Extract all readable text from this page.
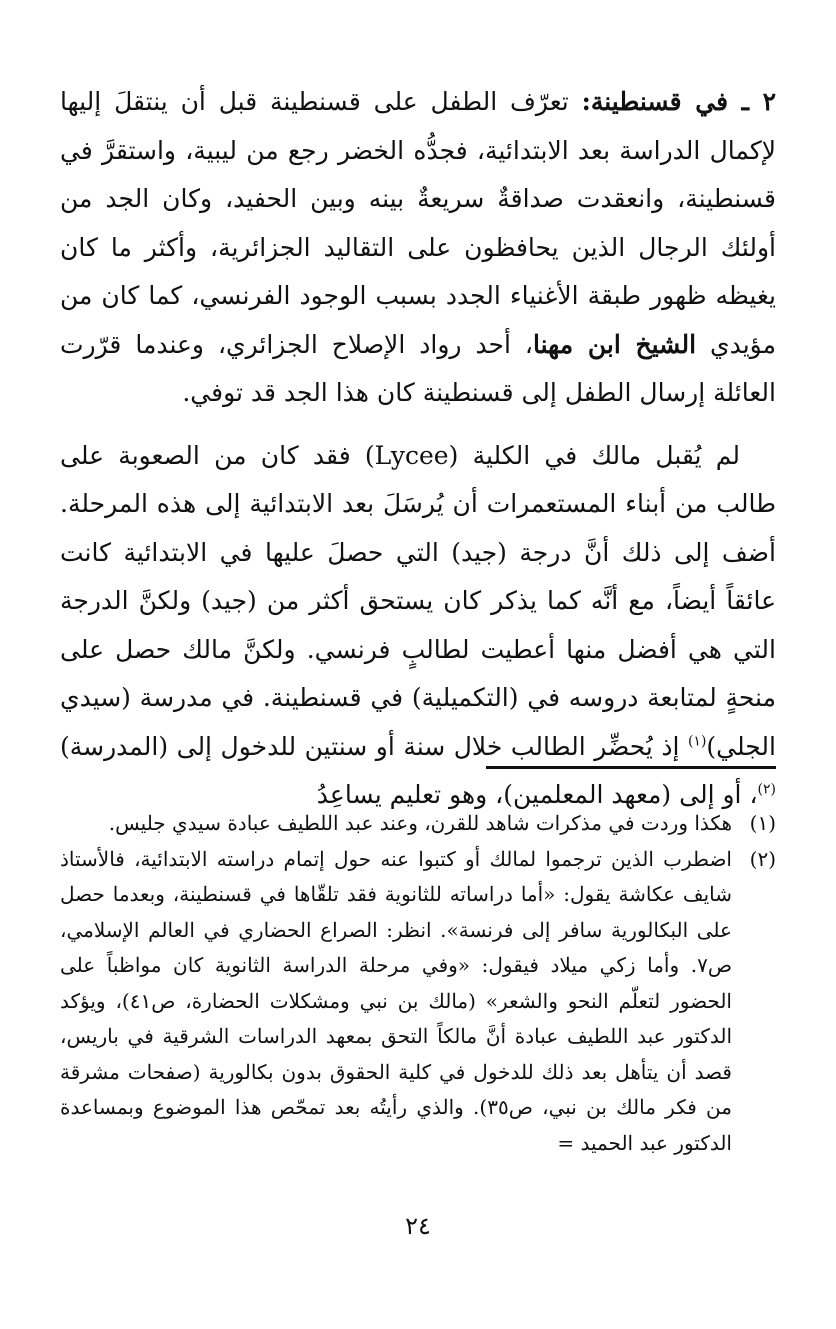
٢ ـ في قسنطينة: تعرّف الطفل على قسنطينة قبل أن ينتقلَ إليها لإكمال الدراسة بعد الابتدائية، فجدُّه الخضر رجع من ليبية، واستقرَّ في قسنطينة، وانعقدت صداقةٌ سريعةٌ بينه وبين الحفيد، وكان الجد من أولئك الرجال الذين يحافظون على التقاليد الجزائرية، وأكثر ما كان يغيظه ظهور طبقة الأغنياء الجدد بسبب الوجود الفرنسي، كما كان من مؤيدي الشيخ ابن مهنا، أحد رواد الإصلاح الجزائري، وعندما قرّرت العائلة إرسال الطفل إلى قسنطينة كان هذا الجد قد توفي.

لم يُقبل مالك في الكلية (Lycee) فقد كان من الصعوبة على طالب من أبناء المستعمرات أن يُرسَلَ بعد الابتدائية إلى هذه المرحلة. أضف إلى ذلك أنَّ درجة (جيد) التي حصلَ عليها في الابتدائية كانت عائقاً أيضاً، مع أنَّه كما يذكر كان يستحق أكثر من (جيد) ولكنَّ الدرجة التي هي أفضل منها أعطيت لطالبٍ فرنسي. ولكنَّ مالك حصل على منحةٍ لمتابعة دروسه في (التكميلية) في قسنطينة. في مدرسة (سيدي الجلي)$^{(١)}$ إذ يُحضِّر الطالب خلال سنة أو سنتين للدخول إلى (المدرسة)$^{(٢)}$، أو إلى (معهد المعلمين)، وهو تعليم يساعِدُ

(١)
هكذا وردت في مذكرات شاهد للقرن، وعند عبد اللطيف عبادة سيدي جليس.
(٢)
اضطرب الذين ترجموا لمالك أو كتبوا عنه حول إتمام دراسته الابتدائية، فالأستاذ شايف عكاشة يقول: «أما دراساته للثانوية فقد تلقّاها في قسنطينة، وبعدما حصل على البكالورية سافر إلى فرنسة». انظر: الصراع الحضاري في العالم الإسلامي، ص٧. وأما زكي ميلاد فيقول: «وفي مرحلة الدراسة الثانوية كان مواظباً على الحضور لتعلّم النحو والشعر» (مالك بن نبي ومشكلات الحضارة، ص٤١)، ويؤكد الدكتور عبد اللطيف عبادة أنَّ مالكاً التحق بمعهد الدراسات الشرقية في باريس، قصد أن يتأهل بعد ذلك للدخول في كلية الحقوق بدون بكالورية (صفحات مشرقة من فكر مالك بن نبي، ص٣٥). والذي رأيتُه بعد تمحّص هذا الموضوع وبمساعدة الدكتور عبد الحميد =
٢٤
